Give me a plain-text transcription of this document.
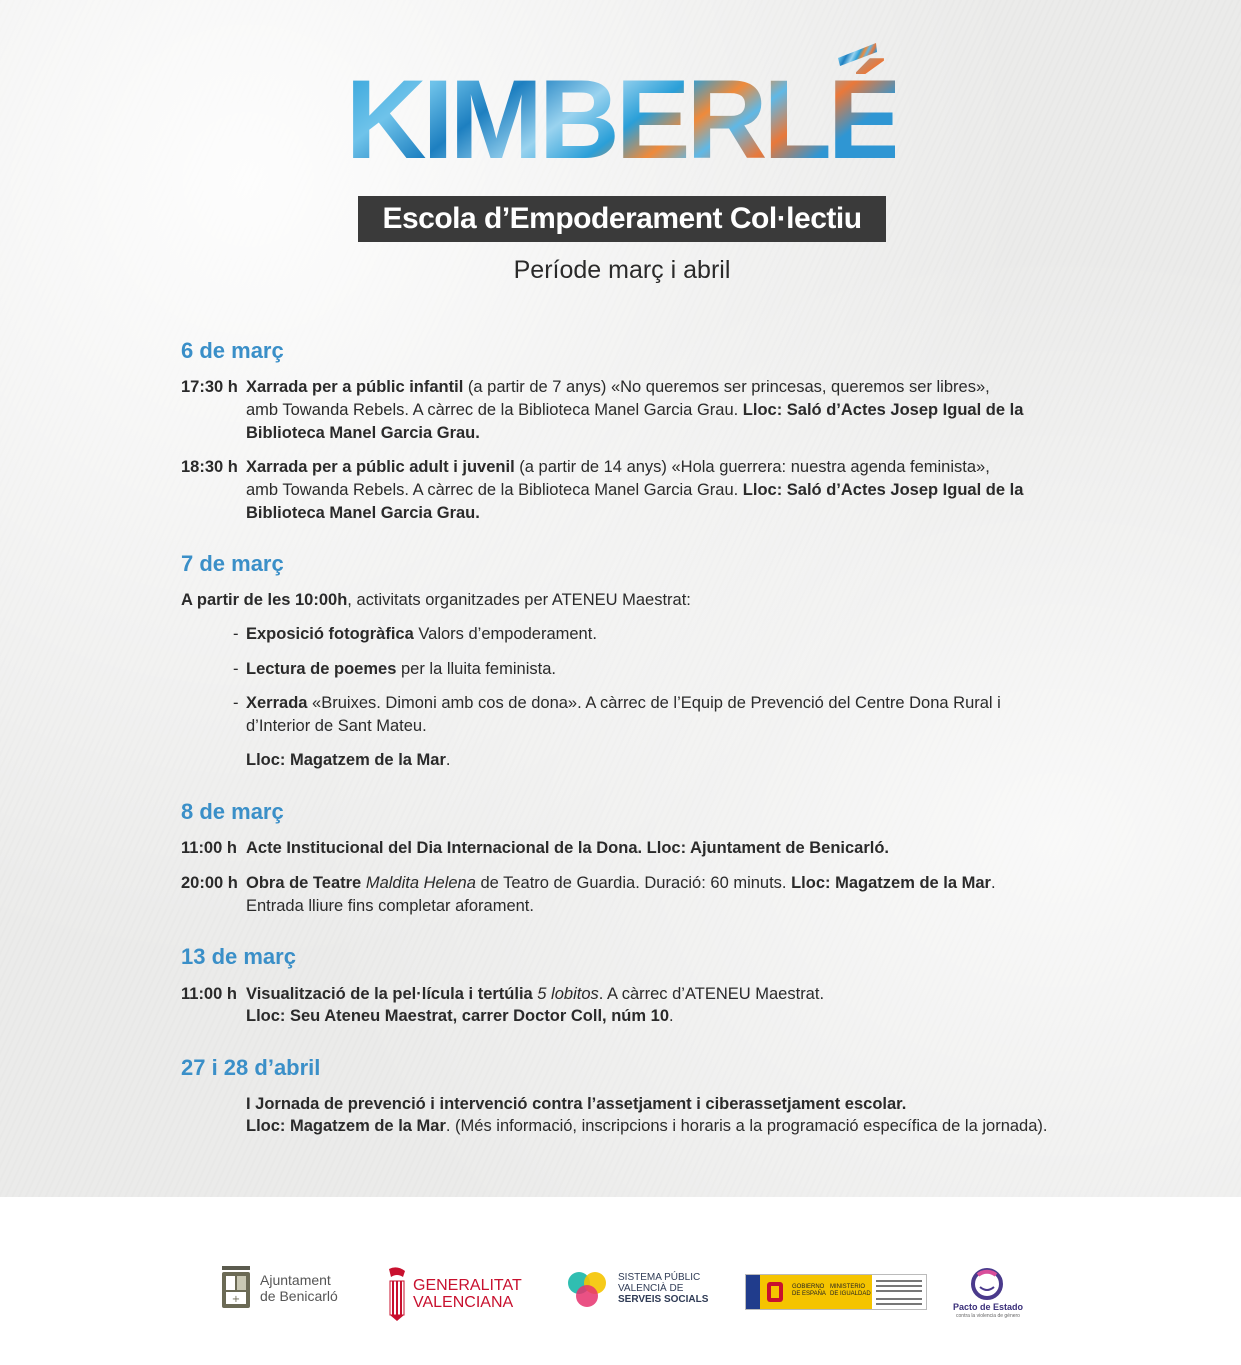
KIMBERLÉ
Escola d’Empoderament Col·lectiu
Període març i abril
6 de març
17:30 h Xarrada per a públic infantil (a partir de 7 anys) «No queremos ser princesas, queremos ser libres»,
amb Towanda Rebels. A càrrec de la Biblioteca Manel Garcia Grau. Lloc: Saló d’Actes Josep Igual de la
Biblioteca Manel Garcia Grau.
18:30 h Xarrada per a públic adult i juvenil (a partir de 14 anys) «Hola guerrera: nuestra agenda feminista»,
amb Towanda Rebels. A càrrec de la Biblioteca Manel Garcia Grau. Lloc: Saló d’Actes Josep Igual de la
Biblioteca Manel Garcia Grau.
7 de març
A partir de les 10:00h, activitats organitzades per ATENEU Maestrat:
- Exposició fotogràfica Valors d’empoderament.
- Lectura de poemes per la lluita feminista.
- Xerrada «Bruixes. Dimoni amb cos de dona». A càrrec de l’Equip de Prevenció del Centre Dona Rural i
d’Interior de Sant Mateu.
Lloc: Magatzem de la Mar.
8 de març
11:00 h Acte Institucional del Dia Internacional de la Dona. Lloc: Ajuntament de Benicarló.
20:00 h Obra de Teatre Maldita Helena de Teatro de Guardia. Duració: 60 minuts. Lloc: Magatzem de la Mar.
Entrada lliure fins completar aforament.
13 de març
11:00 h Visualització de la pel·lícula i tertúlia 5 lobitos. A càrrec d’ATENEU Maestrat.
Lloc: Seu Ateneu Maestrat, carrer Doctor Coll, núm 10.
27 i 28 d’abril
I Jornada de prevenció i intervenció contra l’assetjament i ciberassetjament escolar.
Lloc: Magatzem de la Mar. (Més informació, inscripcions i horaris a la programació específica de la jornada).
+
Ajuntament
de Benicarló
GENERALITAT
VALENCIANA
SISTEMA PÚBLIC
VALENCIÀ DE
SERVEIS SOCIALS
GOBIERNO
DE ESPAÑA
MINISTERIO
DE IGUALDAD
Pacto de Estado
contra la violencia de género
